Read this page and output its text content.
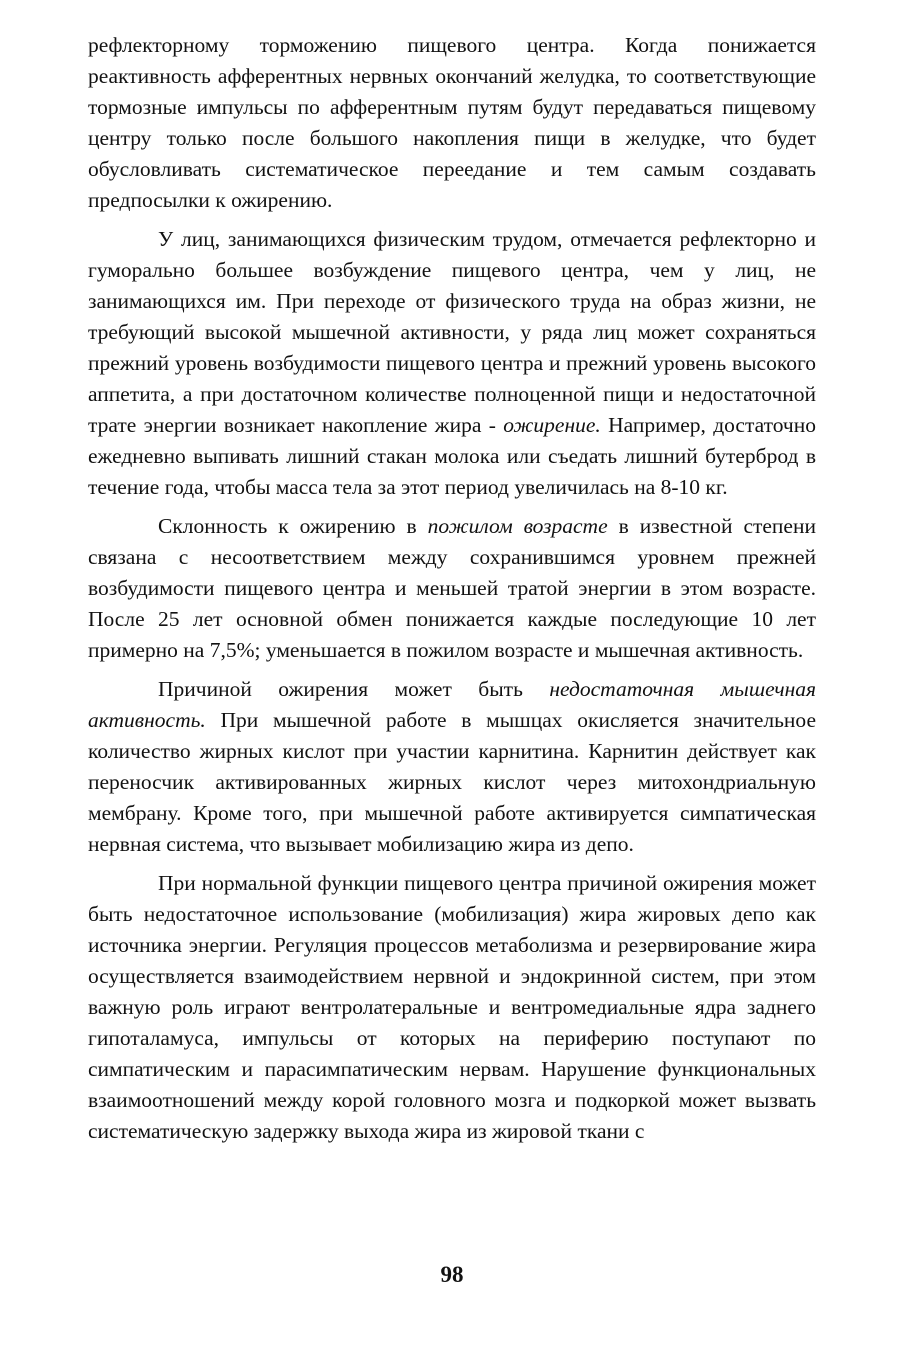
рефлекторному торможению пищевого центра. Когда понижается реактивность афферентных нервных окончаний желудка, то соответствующие тормозные импульсы по афферентным путям будут передаваться пищевому центру только после большого накопления пищи в желудке, что будет обусловливать систематическое переедание и тем самым создавать предпосылки к ожирению.

У лиц, занимающихся физическим трудом, отмечается рефлекторно и гуморально большее возбуждение пищевого центра, чем у лиц, не занимающихся им. При переходе от физического труда на образ жизни, не требующий высокой мышечной активности, у ряда лиц может сохраняться прежний уровень возбудимости пищевого центра и прежний уровень высокого аппетита, а при достаточном количестве полноценной пищи и недостаточной трате энергии возникает накопление жира - ожирение. Например, достаточно ежедневно выпивать лишний стакан молока или съедать лишний бутерброд в течение года, чтобы масса тела за этот период увеличилась на 8-10 кг.

Склонность к ожирению в пожилом возрасте в известной степени связана с несоответствием между сохранившимся уровнем прежней возбудимости пищевого центра и меньшей тратой энергии в этом возрасте. После 25 лет основной обмен понижается каждые последующие 10 лет примерно на 7,5%; уменьшается в пожилом возрасте и мышечная активность.

Причиной ожирения может быть недостаточная мышечная активность. При мышечной работе в мышцах окисляется значительное количество жирных кислот при участии карнитина. Карнитин действует как переносчик активированных жирных кислот через митохондриальную мембрану. Кроме того, при мышечной работе активируется симпатическая нервная система, что вызывает мобилизацию жира из депо.

При нормальной функции пищевого центра причиной ожирения может быть недостаточное использование (мобилизация) жира жировых депо как источника энергии. Регуляция процессов метаболизма и резервирование жира осуществляется взаимодействием нервной и эндокринной систем, при этом важную роль играют вентролатеральные и вентромедиальные ядра заднего гипоталамуса, импульсы от которых на периферию поступают по симпатическим и парасимпатическим нервам. Нарушение функциональных взаимоотношений между корой головного мозга и подкоркой может вызвать систематическую задержку выхода жира из жировой ткани с

98
